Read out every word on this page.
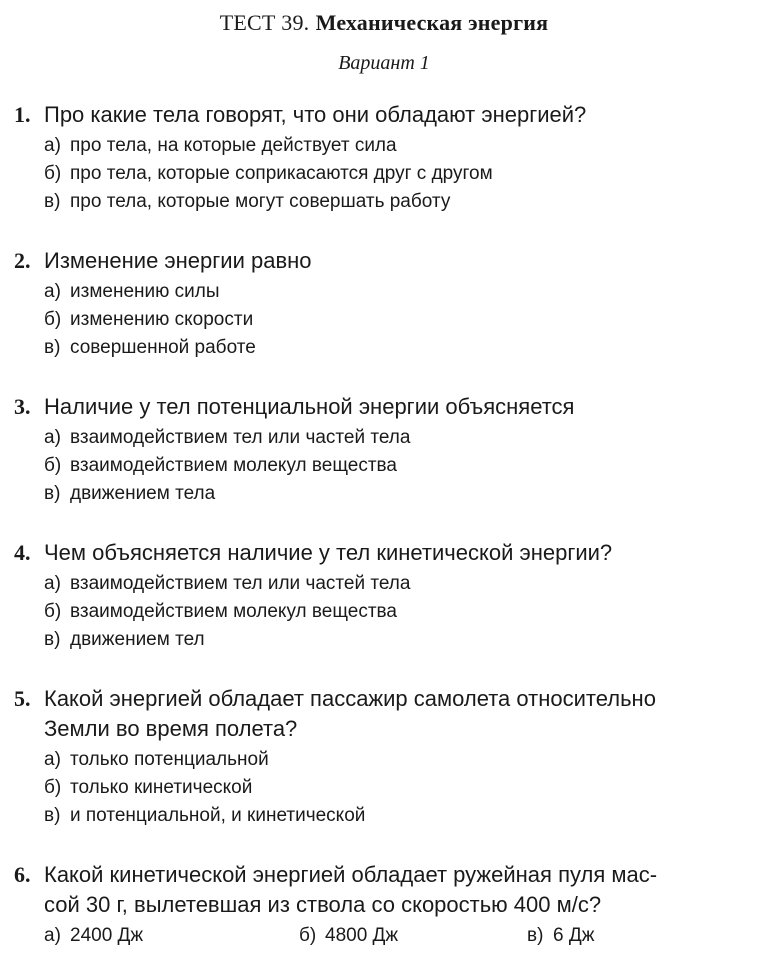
ТЕСТ 39. Механическая энергия
Вариант 1
1. Про какие тела говорят, что они обладают энергией?
а) про тела, на которые действует сила
б) про тела, которые соприкасаются друг с другом
в) про тела, которые могут совершать работу
2. Изменение энергии равно
а) изменению силы
б) изменению скорости
в) совершенной работе
3. Наличие у тел потенциальной энергии объясняется
а) взаимодействием тел или частей тела
б) взаимодействием молекул вещества
в) движением тела
4. Чем объясняется наличие у тел кинетической энергии?
а) взаимодействием тел или частей тела
б) взаимодействием молекул вещества
в) движением тел
5. Какой энергией обладает пассажир самолета относительно
Земли во время полета?
а) только потенциальной
б) только кинетической
в) и потенциальной, и кинетической
6. Какой кинетической энергией обладает ружейная пуля мас-
сой 30 г, вылетевшая из ствола со скоростью 400 м/с?
а) 2400 Дж	б) 4800 Дж	в) 6 Дж
